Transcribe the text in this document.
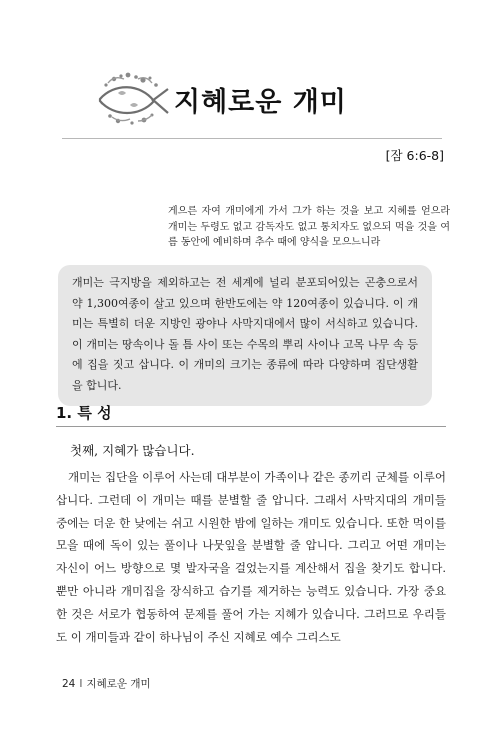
지혜로운 개미
[잠 6:6-8]
게으른 자여 개미에게 가서 그가 하는 것을 보고 지혜를 얻으라 개미는 두령도 없고 감독자도 없고 통치자도 없으되 먹을 것을 여름 동안에 예비하며 추수 때에 양식을 모으느니라
개미는 극지방을 제외하고는 전 세계에 널리 분포되어있는 곤충으로서 약 1,300여종이 살고 있으며 한반도에는 약 120여종이 있습니다. 이 개미는 특별히 더운 지방인 광야나 사막지대에서 많이 서식하고 있습니다. 이 개미는 땅속이나 돌 틈 사이 또는 수목의 뿌리 사이나 고목 나무 속 등에 집을 짓고 삽니다. 이 개미의 크기는 종류에 따라 다양하며 집단생활을 합니다.
1. 특 성
첫째, 지혜가 많습니다.
개미는 집단을 이루어 사는데 대부분이 가족이나 같은 종끼리 군체를 이루어 삽니다. 그런데 이 개미는 때를 분별할 줄 압니다. 그래서 사막지대의 개미들 중에는 더운 한 낮에는 쉬고 시원한 밤에 일하는 개미도 있습니다. 또한 먹이를 모을 때에 독이 있는 풀이나 나뭇잎을 분별할 줄 압니다. 그리고 어떤 개미는 자신이 어느 방향으로 몇 발자국을 걸었는지를 계산해서 집을 찾기도 합니다. 뿐만 아니라 개미집을 장식하고 습기를 제거하는 능력도 있습니다. 가장 중요한 것은 서로가 협동하여 문제를 풀어 가는 지혜가 있습니다. 그러므로 우리들도 이 개미들과 같이 하나님이 주신 지혜로 예수 그리스도
24 I 지혜로운 개미
